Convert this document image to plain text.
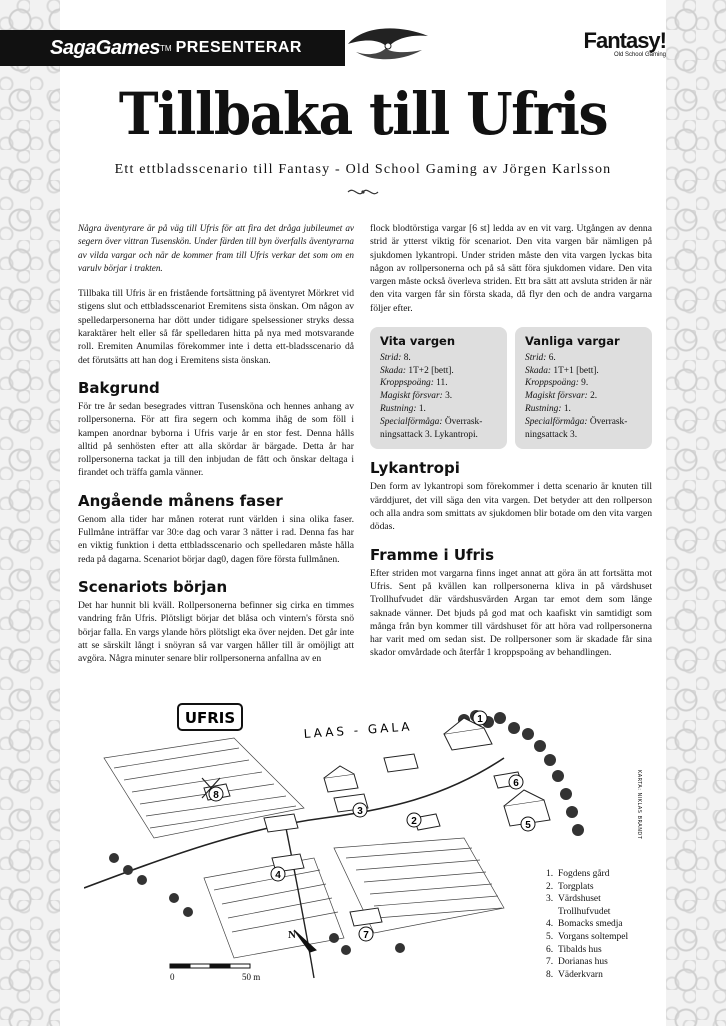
SagaGames TM PRESENTERAR	Fantasy!
Old School Gaming
Tillbaka till Ufris
Ett ettbladsscenario till Fantasy - Old School Gaming av Jörgen Karlsson

Några äventyrare är på väg till Ufris för att fira det dråga jubileumet av segern över vittran Tusenskön. Under färden till byn överfalls äventyrarna av vilda vargar och när de kommer fram till Ufris verkar det som om en varulv börjar i trakten.

Tillbaka till Ufris är en fristående fortsättning på äventyret Mörkret vid stigens slut och ettbladsscenariot Eremitens sista önskan. Om någon av spelledarpersonerna har dött under tidigare spelsessioner stryks dessa karaktärer helt eller så får spelledaren hitta på nya med motsvarande roll. Eremiten Anumilas förekommer inte i detta ett-bladsscenario då det förutsätts att han dog i Eremitens sista önskan.

Bakgrund

För tre år sedan besegrades vittran Tusensköna och hennes anhang av rollpersonerna. För att fira segern och komma ihåg de som föll i kampen anordnar byborna i Ufris varje år en stor fest. Denna hålls alltid på senhösten efter att alla skördar är bärgade. Detta år har rollpersonerna tackat ja till den inbjudan de fått och önskar deltaga i firandet och träffa gamla vänner.

Angående månens faser

Genom alla tider har månen roterat runt världen i sina olika faser. Fullmåne inträffar var 30:e dag och varar 3 nätter i rad. Denna fas har en viktig funktion i detta ettbladsscenario och spelledaren måste hålla reda på dagarna. Scenariot börjar dag0, dagen före första fullmånen.

Scenariots början

Det har hunnit bli kväll. Rollpersonerna befinner sig cirka en timmes vandring från Ufris. Plötsligt börjar det blåsa och vintern's första snö börjar falla. En vargs ylande hörs plötsligt eka över nejden. Det går inte att se särskilt långt i snöyran så var vargen håller till är omöjligt att avgöra. Några minuter senare blir rollpersonerna anfallna av en

flock blodtörstiga vargar [6 st] ledda av en vit varg. Utgången av denna strid är ytterst viktig för scenariot. Den vita vargen bär nämligen på sjukdomen lykantropi. Under striden måste den vita vargen lyckas bita någon av rollpersonerna och på så sätt föra sjukdomen vidare. Den vita vargen måste också överleva striden. Ett bra sätt att avsluta striden är när den vita vargen får sin första skada, då flyr den och de andra vargarna följer efter.

Vita vargen
Strid: 8.
Skada: 1T+2 [bett].
Kroppspoäng: 11.
Magiskt försvar: 3.
Rustning: 1.
Specialförmåga: Överrask-ningsattack 3. Lykantropi.
Vanliga vargar
Strid: 6.
Skada: 1T+1 [bett].
Kroppspoäng: 9.
Magiskt försvar: 2.
Rustning: 1.
Specialförmåga: Överrask-ningsattack 3.
Lykantropi

Den form av lykantropi som förekommer i detta scenario är knuten till värddjuret, det vill säga den vita vargen. Det betyder att den rollperson och alla andra som smittats av sjukdomen blir botade om den vita vargen dödas.

Framme i Ufris

Efter striden mot vargarna finns inget annat att göra än att fortsätta mot Ufris. Sent på kvällen kan rollpersonerna kliva in på värdshuset Trollhufvudet där värdshusvärden Argan tar emot dem som länge saknade vänner. Det bjuds på god mat och kaafiskt vin samtidigt som många från byn kommer till värdshuset för att höra vad rollpersonerna har varit med om sedan sist. De rollpersoner som är skadade får sina skador omvårdade och återfår 1 kroppspoäng av behandlingen.

UFRIS
LAAS - GALA	1
2
3
4
5
6
7
8
N
0	50 m
KARTA: NIKLAS BRANDT
1. Fogdens gård
2. Torgplats
3. Värdshuset Trollhufvudet
4. Bomacks smedja
5. Vorgans soltempel
6. Tibalds hus
7. Dorianas hus
8. Väderkvarn
